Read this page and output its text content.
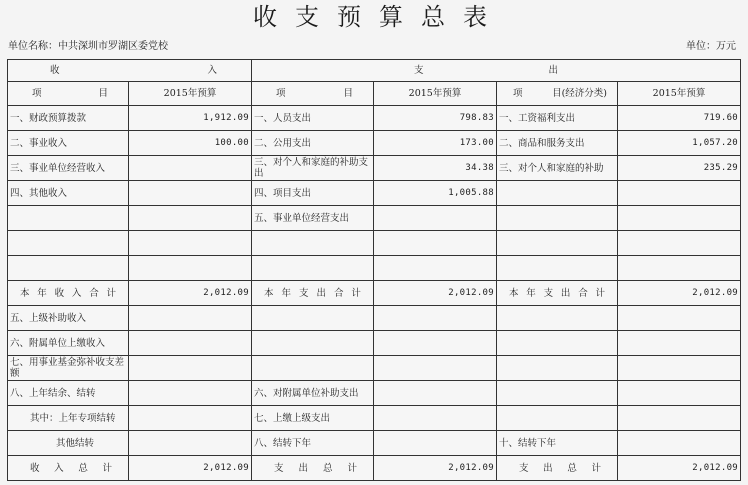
收支预算总表
单位名称：中共深圳市罗湖区委党校	单位：万元
收 入		支 出			

项 目	2015年预算	项 目	2015年预算	项 目(经济分类)	2015年预算
一、财政预算拨款	1,912.09	一、人员支出	798.83	一、工资福利支出	719.60
二、事业收入	100.00	二、公用支出	173.00	二、商品和服务支出	1,057.20
三、事业单位经营收入		三、对个人和家庭的补助支出	34.38	三、对个人和家庭的补助	235.29
四、其他收入		四、项目支出	1,005.88		
		五、事业单位经营支出			

本 年 收 入 合 计	2,012.09	本 年 支 出 合 计	2,012.09	本 年 支 出 合 计	2,012.09
五、上级补助收入					
六、附属单位上缴收入					
七、用事业基金弥补收支差额					
八、上年结余、结转		六、对附属单位补助支出			
其中：上年专项结转		七、上缴上级支出			
其他结转		八、结转下年		十、结转下年	

收 入 总 计	2,012.09	支 出 总 计	2,012.09	支 出 总 计	2,012.09
